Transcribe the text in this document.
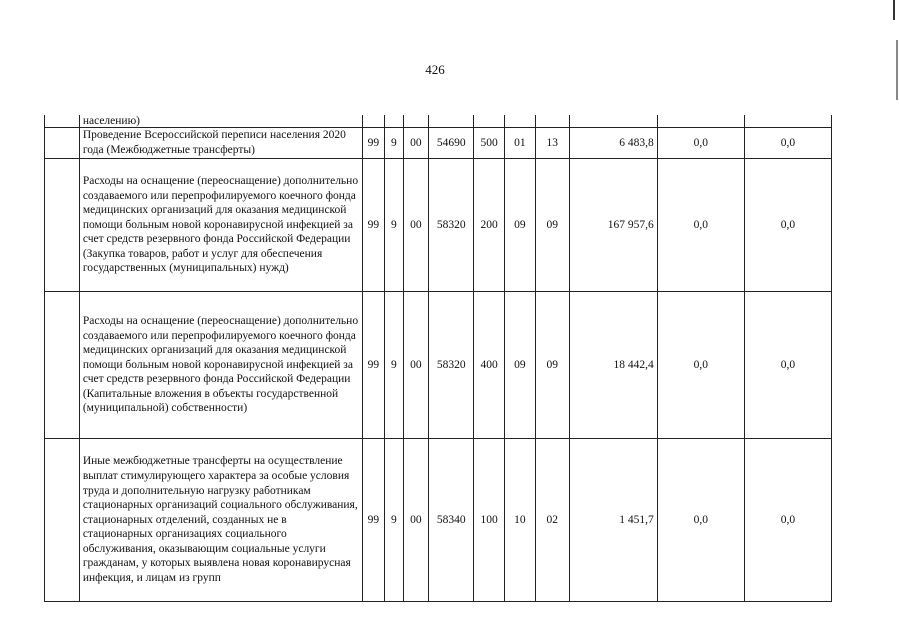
426
	населению)										
	Проведение Всероссийской переписи населения 2020 года (Межбюджетные трансферты)	99	9	00	54690	500	01	13	6 483,8	0,0	0,0
	Расходы на оснащение (переоснащение) дополнительно создаваемого или перепрофилируемого коечного фонда медицинских организаций для оказания медицинской помощи больным новой коронавирусной инфекцией за счет средств резервного фонда Российской Федерации (Закупка товаров, работ и услуг для обеспечения государственных (муниципальных) нужд)	99	9	00	58320	200	09	09	167 957,6	0,0	0,0
	Расходы на оснащение (переоснащение) дополнительно создаваемого или перепрофилируемого коечного фонда медицинских организаций для оказания медицинской помощи больным новой коронавирусной инфекцией за счет средств резервного фонда Российской Федерации (Капитальные вложения в объекты государственной (муниципальной) собственности)	99	9	00	58320	400	09	09	18 442,4	0,0	0,0
	Иные межбюджетные трансферты на осуществление выплат стимулирующего характера за особые условия труда и дополнительную нагрузку работникам стационарных организаций социального обслуживания, стационарных отделений, созданных не в стационарных организациях социального обслуживания, оказывающим социальные услуги гражданам, у которых выявлена новая коронавирусная инфекция, и лицам из групп	99	9	00	58340	100	10	02	1 451,7	0,0	0,0
